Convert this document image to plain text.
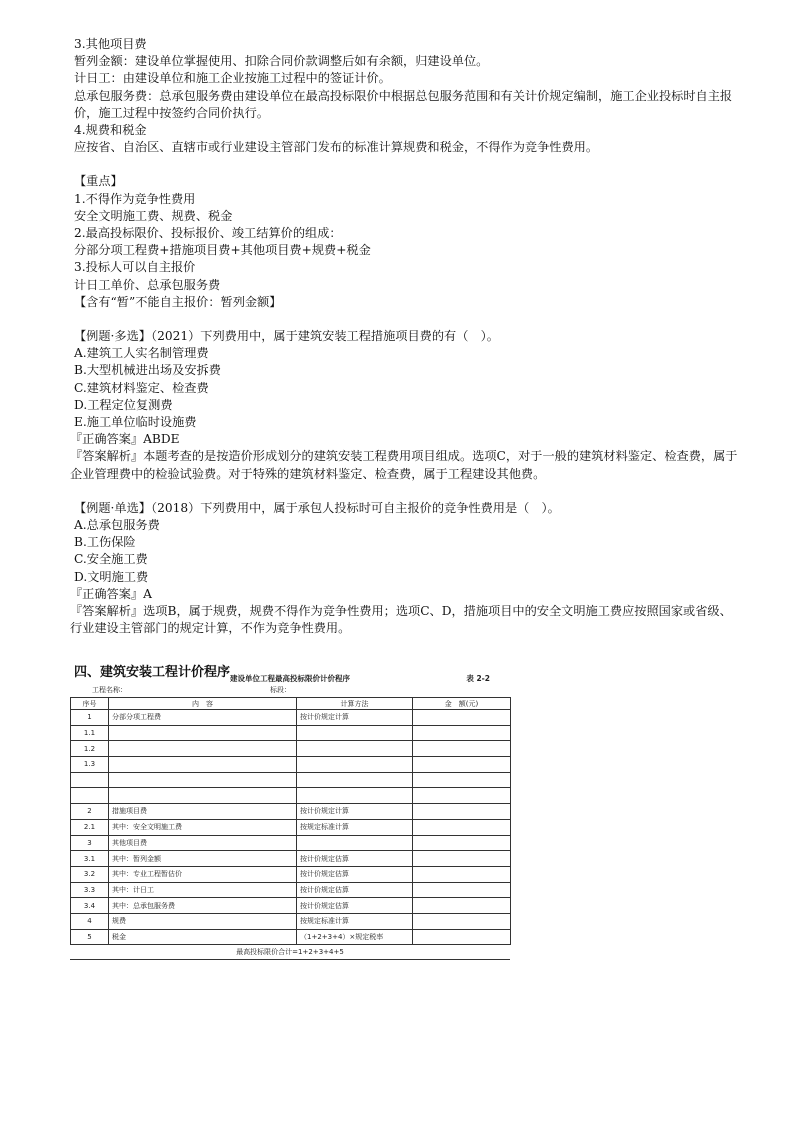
3.其他项目费
暂列金额：建设单位掌握使用、扣除合同价款调整后如有余额，归建设单位。
计日工：由建设单位和施工企业按施工过程中的签证计价。
总承包服务费：总承包服务费由建设单位在最高投标限价中根据总包服务范围和有关计价规定编制，施工企业投标时自主报价，施工过程中按签约合同价执行。
4.规费和税金
应按省、自治区、直辖市或行业建设主管部门发布的标准计算规费和税金，不得作为竞争性费用。
【重点】
1.不得作为竞争性费用
安全文明施工费、规费、税金
2.最高投标限价、投标报价、竣工结算价的组成：
分部分项工程费+措施项目费+其他项目费+规费+税金
3.投标人可以自主报价
计日工单价、总承包服务费
【含有“暂”不能自主报价：暂列金额】
【例题·多选】（2021）下列费用中，属于建筑安装工程措施项目费的有（　）。
A.建筑工人实名制管理费
B.大型机械进出场及安拆费
C.建筑材料鉴定、检查费
D.工程定位复测费
E.施工单位临时设施费
『正确答案』ABDE
『答案解析』本题考查的是按造价形成划分的建筑安装工程费用项目组成。选项C，对于一般的建筑材料鉴定、检查费，属于企业管理费中的检验试验费。对于特殊的建筑材料鉴定、检查费，属于工程建设其他费。
【例题·单选】（2018）下列费用中，属于承包人投标时可自主报价的竞争性费用是（　）。
A.总承包服务费
B.工伤保险
C.安全施工费
D.文明施工费
『正确答案』A
『答案解析』选项B，属于规费，规费不得作为竞争性费用；选项C、D，措施项目中的安全文明施工费应按照国家或省级、行业建设主管部门的规定计算，不作为竞争性费用。
四、建筑安装工程计价程序 建设单位工程最高投标限价计价程序	表 2-2
工程名称：	标段：
序号	内　容	计算方法	金　额(元)
1	分部分项工程费	按计价规定计算	
1.1			
1.2			
1.3			

2	措施项目费	按计价规定计算	
2.1	其中：安全文明施工费	按规定标准计算	
3	其他项目费		
3.1	其中：暂列金额	按计价规定估算	
3.2	其中：专业工程暂估价	按计价规定估算	
3.3	其中：计日工	按计价规定估算	
3.4	其中：总承包服务费	按计价规定估算	
4	规费	按规定标准计算	
5	税金	（1+2+3+4）×规定税率	
最高投标限价合计=1+2+3+4+5
